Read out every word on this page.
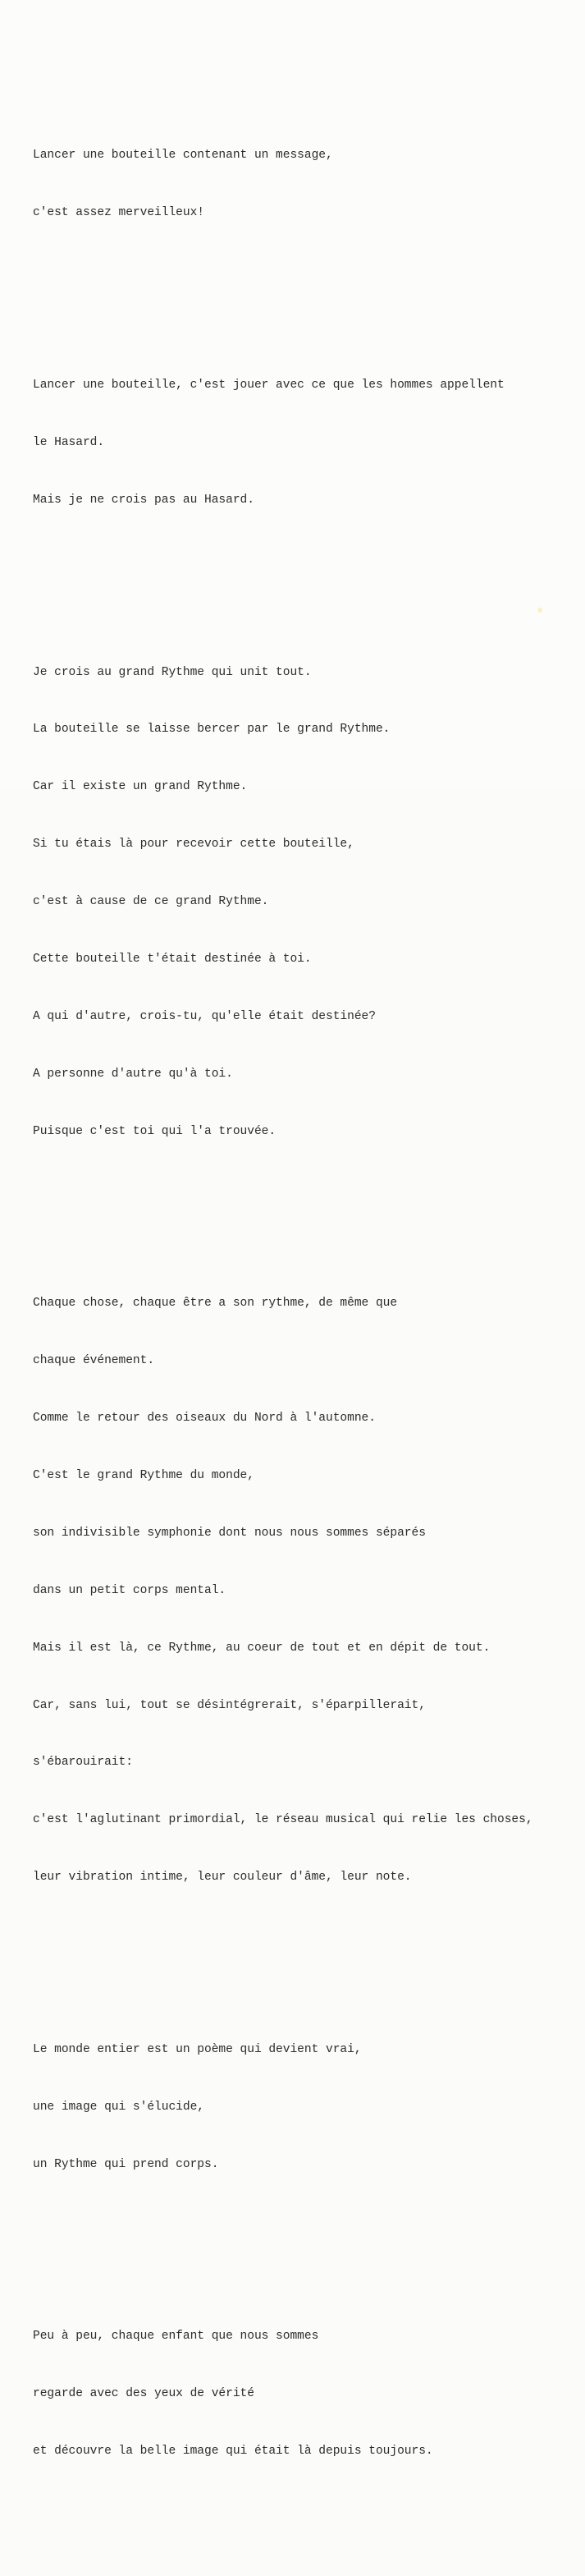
Lancer une bouteille contenant un message,

c'est assez merveilleux!

Lancer une bouteille, c'est jouer avec ce que les hommes appellent

le Hasard.

Mais je ne crois pas au Hasard.

Je crois au grand Rythme qui unit tout.

La bouteille se laisse bercer par le grand Rythme.

Car il existe un grand Rythme.

Si tu étais là pour recevoir cette bouteille,

c'est à cause de ce grand Rythme.

Cette bouteille t'était destinée à toi.

A qui d'autre, crois-tu, qu'elle était destinée?

A personne d'autre qu'à toi.

Puisque c'est toi qui l'a trouvée.

Chaque chose, chaque être a son rythme, de même que

chaque événement.

Comme le retour des oiseaux du Nord à l'automne.

C'est le grand Rythme du monde,

son indivisible symphonie dont nous nous sommes séparés

dans un petit corps mental.

Mais il est là, ce Rythme, au coeur de tout et en dépit de tout.

Car, sans lui, tout se désintégrerait, s'éparpillerait,

s'ébarouirait:

c'est l'aglutinant primordial, le réseau musical qui relie les choses,

leur vibration intime, leur couleur d'âme, leur note.

Le monde entier est un poème qui devient vrai,

une image qui s'élucide,

un Rythme qui prend corps.

Peu à peu, chaque enfant que nous sommes

regarde avec des yeux de vérité

et découvre la belle image qui était là depuis toujours.
